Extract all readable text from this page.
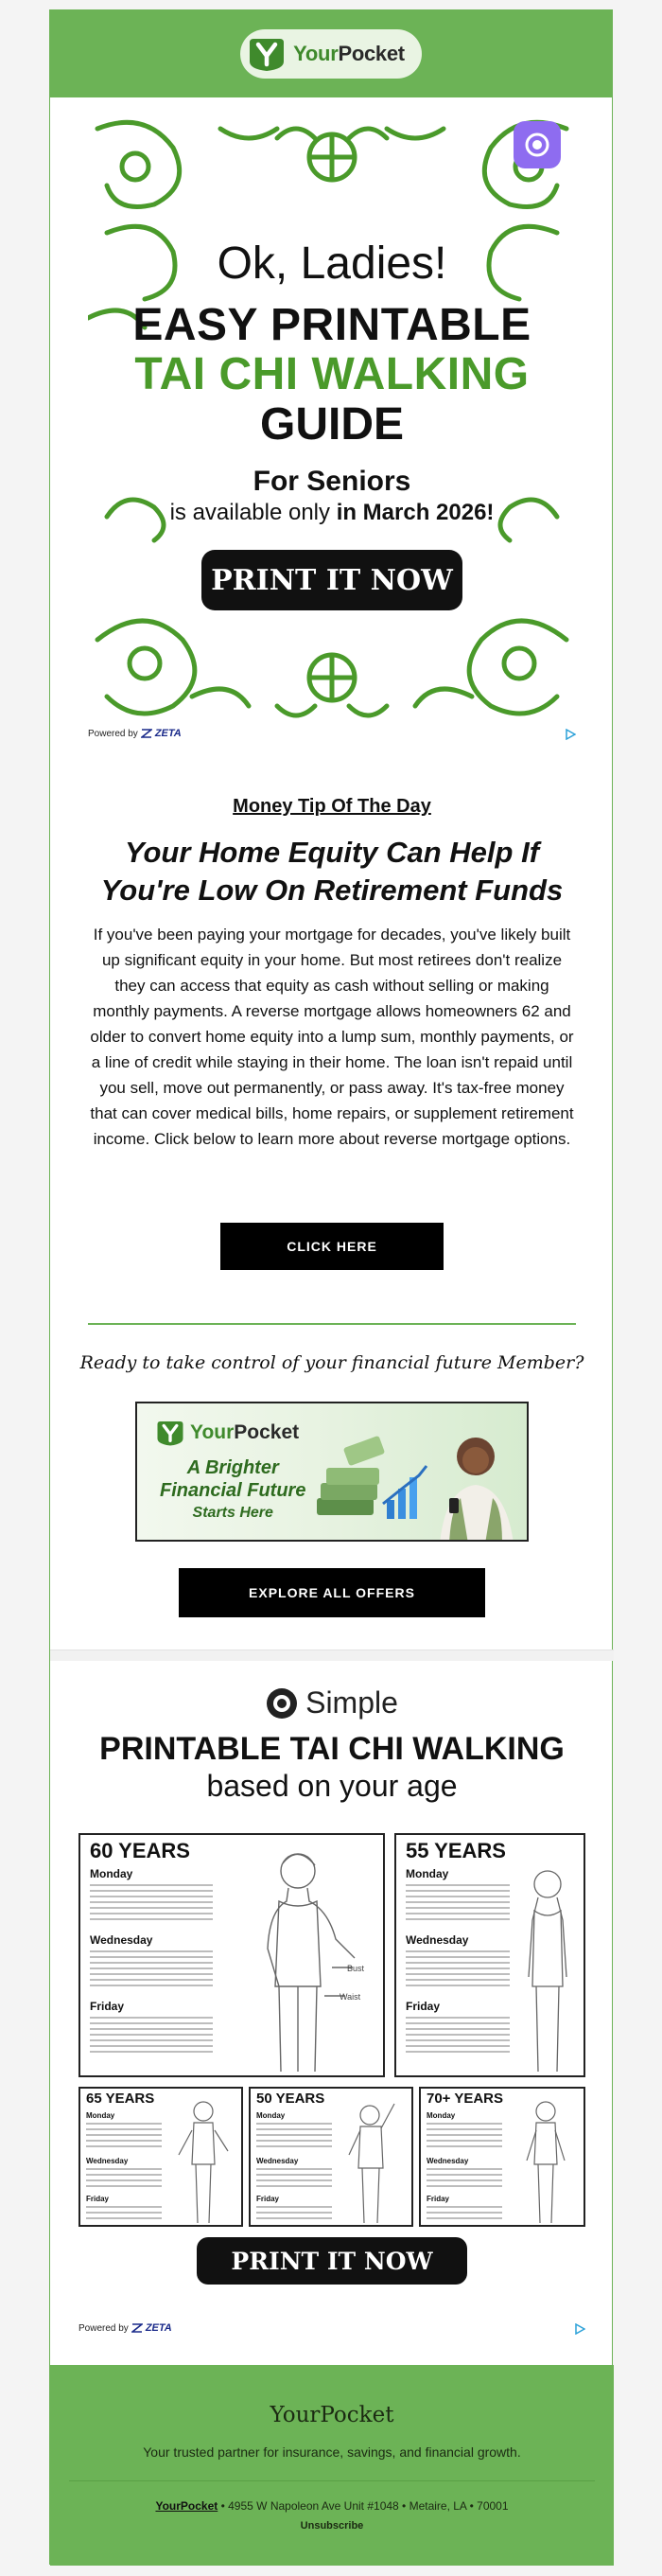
YourPocket
Ok, Ladies!
EASY PRINTABLE
TAI CHI WALKING
GUIDE
For Seniors
is available only in March 2026!
PRINT IT NOW
Powered by ZETA
Money Tip Of The Day
Your Home Equity Can Help If You're Low On Retirement Funds
If you've been paying your mortgage for decades, you've likely built up significant equity in your home. But most retirees don't realize they can access that equity as cash without selling or making monthly payments. A reverse mortgage allows homeowners 62 and older to convert home equity into a lump sum, monthly payments, or a line of credit while staying in their home. The loan isn't repaid until you sell, move out permanently, or pass away. It's tax-free money that can cover medical bills, home repairs, or supplement retirement income. Click below to learn more about reverse mortgage options.
CLICK HERE
Ready to take control of your financial future Member?
YourPocket
A Brighter
Financial Future
Starts Here
EXPLORE ALL OFFERS
Simple
PRINTABLE TAI CHI WALKING
based on your age
60 YEARS
Monday
Wednesday
Friday
Bust
Waist
55 YEARS
Monday
Wednesday
Friday
65 YEARS
Monday
Wednesday
Friday
50 YEARS
Monday
Wednesday
Friday
70+ YEARS
Monday
Wednesday
Friday
PRINT IT NOW
Powered by ZETA
YourPocket
Your trusted partner for insurance, savings, and financial growth.
YourPocket • 4955 W Napoleon Ave Unit #1048 • Metaire, LA • 70001
Unsubscribe
